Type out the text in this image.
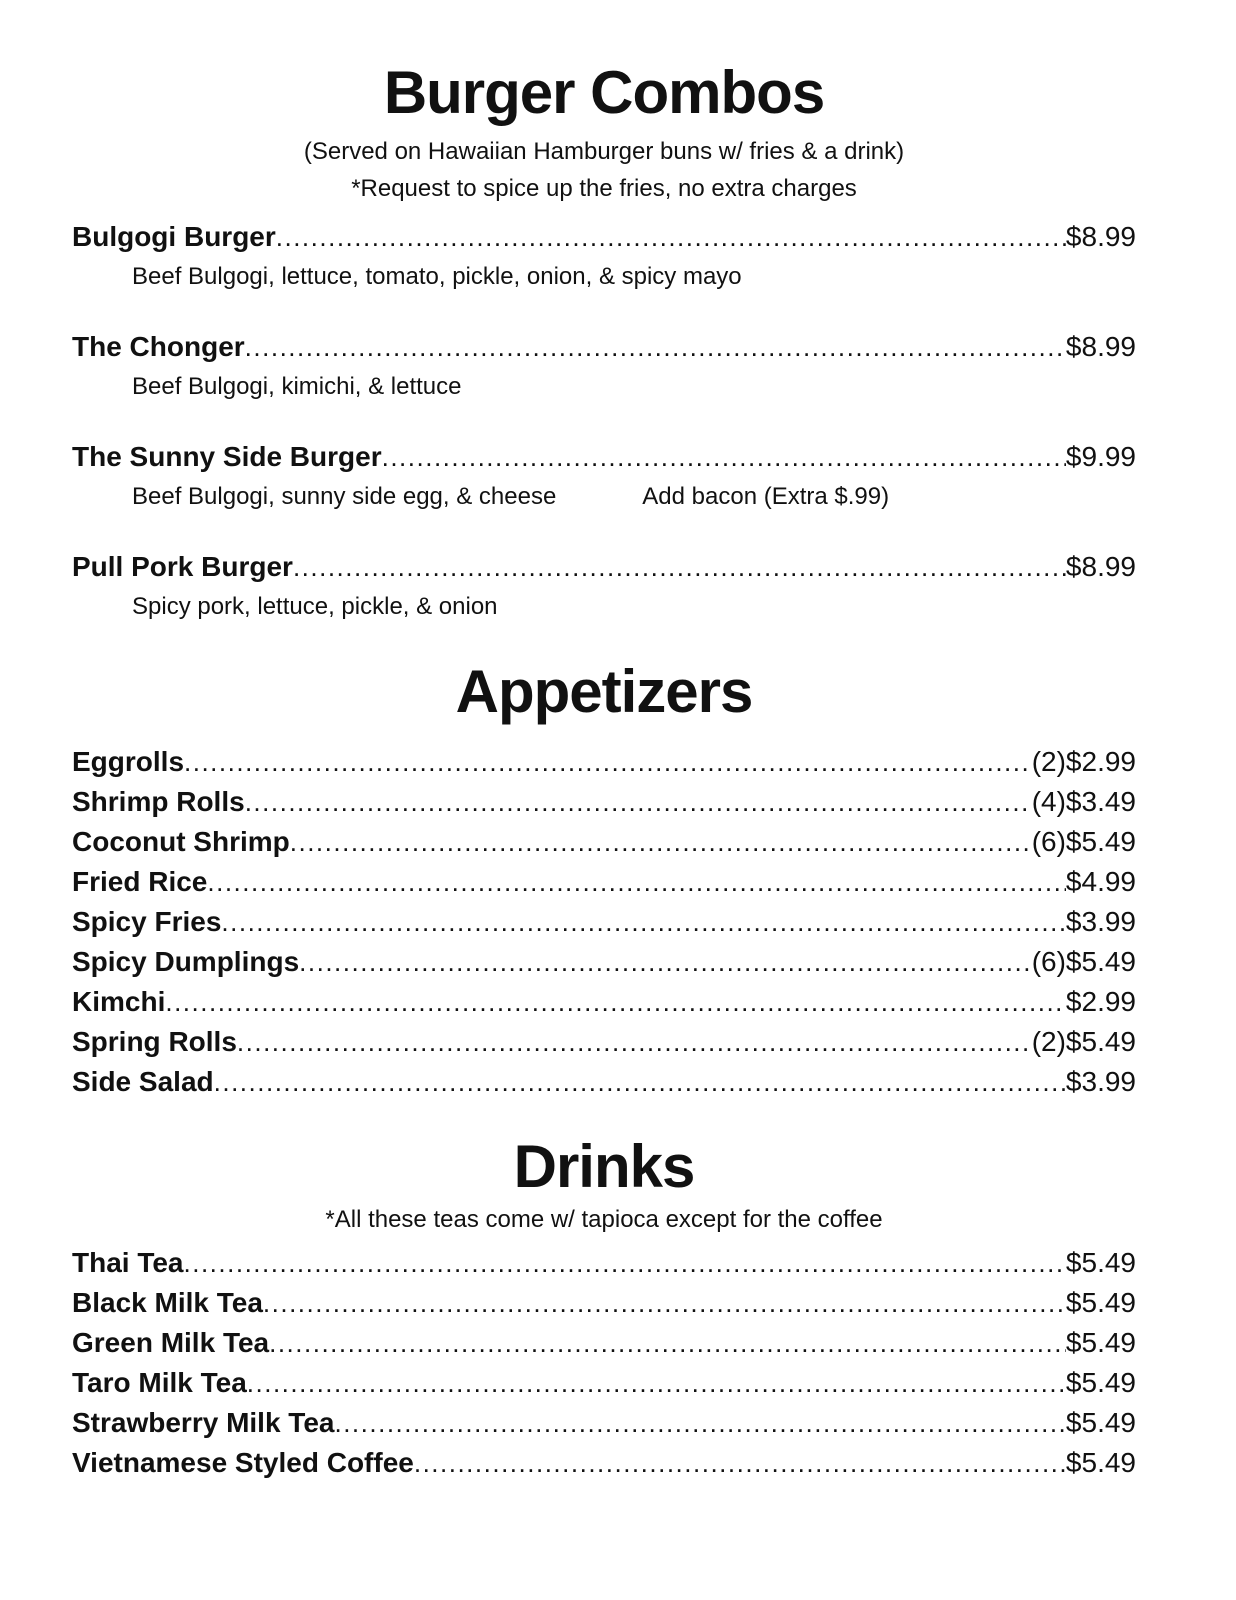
Burger Combos
(Served on Hawaiian Hamburger buns w/ fries & a drink)
*Request to spice up the fries, no extra charges
Bulgogi Burger .....	$8.99
Beef Bulgogi, lettuce, tomato, pickle, onion, & spicy mayo
The Chonger .....	$8.99
Beef Bulgogi, kimichi, & lettuce
The Sunny Side Burger .....	$9.99
Beef Bulgogi, sunny side egg, & cheese	Add bacon (Extra $.99)
Pull Pork Burger .....	$8.99
Spicy pork, lettuce, pickle, & onion
Appetizers
Eggrolls .....	(2)$2.99
Shrimp Rolls .....	(4)$3.49
Coconut Shrimp .....	(6)$5.49
Fried Rice .....	$4.99
Spicy Fries .....	$3.99
Spicy Dumplings .....	(6)$5.49
Kimchi .....	$2.99
Spring Rolls .....	(2)$5.49
Side Salad .....	$3.99
Drinks
*All these teas come w/ tapioca except for the coffee
Thai Tea .....	$5.49
Black Milk Tea .....	$5.49
Green Milk Tea .....	$5.49
Taro Milk Tea .....	$5.49
Strawberry Milk Tea .....	$5.49
Vietnamese Styled Coffee .....	$5.49
